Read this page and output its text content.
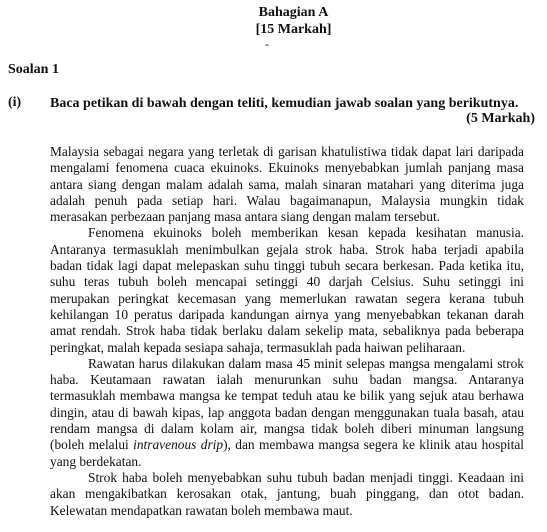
Bahagian A
[15 Markah]
-
Soalan 1
(i) Baca petikan di bawah dengan teliti, kemudian jawab soalan yang berikutnya.
(5 Markah)

Malaysia sebagai negara yang terletak di garisan khatulistiwa tidak dapat lari daripada mengalami fenomena cuaca ekuinoks. Ekuinoks menyebabkan jumlah panjang masa antara siang dengan malam adalah sama, malah sinaran matahari yang diterima juga adalah penuh pada setiap hari. Walau bagaimanapun, Malaysia mungkin tidak merasakan perbezaan panjang masa antara siang dengan malam tersebut.

Fenomena ekuinoks boleh memberikan kesan kepada kesihatan manusia. Antaranya termasuklah menimbulkan gejala strok haba. Strok haba terjadi apabila badan tidak lagi dapat melepaskan suhu tinggi tubuh secara berkesan. Pada ketika itu, suhu teras tubuh boleh mencapai setinggi 40 darjah Celsius. Suhu setinggi ini merupakan peringkat kecemasan yang memerlukan rawatan segera kerana tubuh kehilangan 10 peratus daripada kandungan airnya yang menyebabkan tekanan darah amat rendah. Strok haba tidak berlaku dalam sekelip mata, sebaliknya pada beberapa peringkat, malah kepada sesiapa sahaja, termasuklah pada haiwan peliharaan.

Rawatan harus dilakukan dalam masa 45 minit selepas mangsa mengalami strok haba. Keutamaan rawatan ialah menurunkan suhu badan mangsa. Antaranya termasuklah membawa mangsa ke tempat teduh atau ke bilik yang sejuk atau berhawa dingin, atau di bawah kipas, lap anggota badan dengan menggunakan tuala basah, atau rendam mangsa di dalam kolam air, mangsa tidak boleh diberi minuman langsung (boleh melalui intravenous drip), dan membawa mangsa segera ke klinik atau hospital yang berdekatan.

Strok haba boleh menyebabkan suhu tubuh badan menjadi tinggi. Keadaan ini akan mengakibatkan kerosakan otak, jantung, buah pinggang, dan otot badan. Kelewatan mendapatkan rawatan boleh membawa maut.
